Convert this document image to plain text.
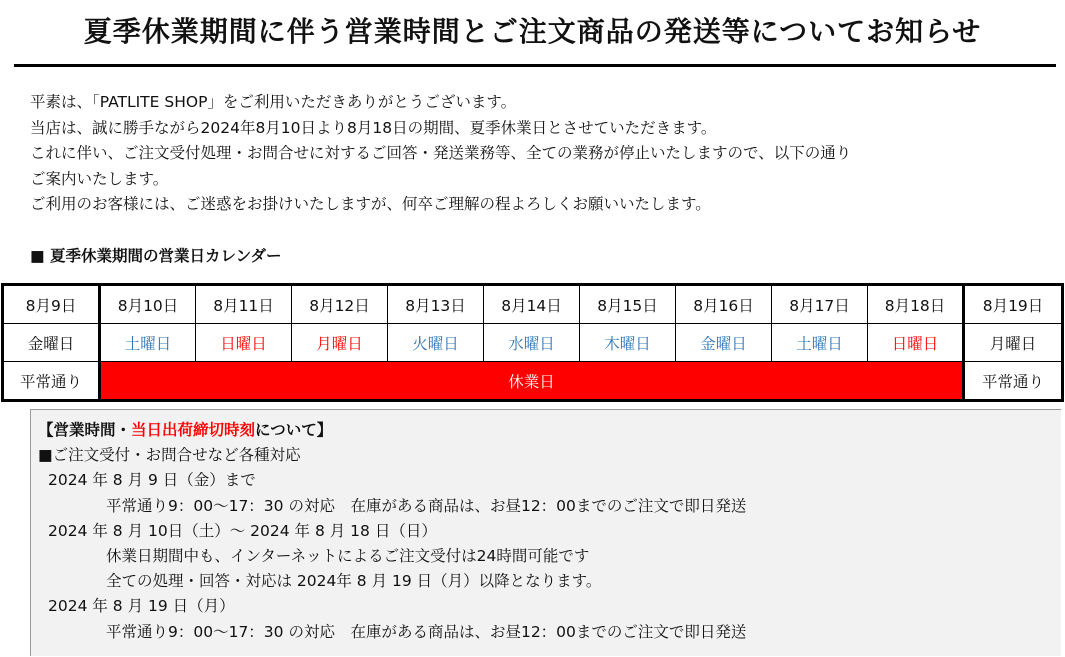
夏季休業期間に伴う営業時間とご注文商品の発送等についてお知らせ
平素は、「PATLITE SHOP」をご利用いただきありがとうございます。
当店は、誠に勝手ながら2024年8月10日より8月18日の期間、夏季休業日とさせていただきます。
これに伴い、ご注文受付処理・お問合せに対するご回答・発送業務等、全ての業務が停止いたしますので、以下の通り
ご案内いたします。
ご利用のお客様には、ご迷惑をお掛けいたしますが、何卒ご理解の程よろしくお願いいたします。
■ 夏季休業期間の営業日カレンダー
8月9日	8月10日	8月11日	8月12日	8月13日	8月14日	8月15日	8月16日	8月17日	8月18日	8月19日
金曜日	土曜日	日曜日	月曜日	火曜日	水曜日	木曜日	金曜日	土曜日	日曜日	月曜日
平常通り	休業日									平常通り
【営業時間・当日出荷締切時刻について】
■ご注文受付・お問合せなど各種対応
2024 年 8 月 9 日（金）まで
平常通り9：00～17：30 の対応　在庫がある商品は、お昼12：00までのご注文で即日発送
2024 年 8 月 10日（土）～ 2024 年 8 月 18 日（日）
休業日期間中も、インターネットによるご注文受付は24時間可能です
全ての処理・回答・対応は 2024年 8 月 19 日（月）以降となります。
2024 年 8 月 19 日（月）
平常通り9：00～17：30 の対応　在庫がある商品は、お昼12：00までのご注文で即日発送
